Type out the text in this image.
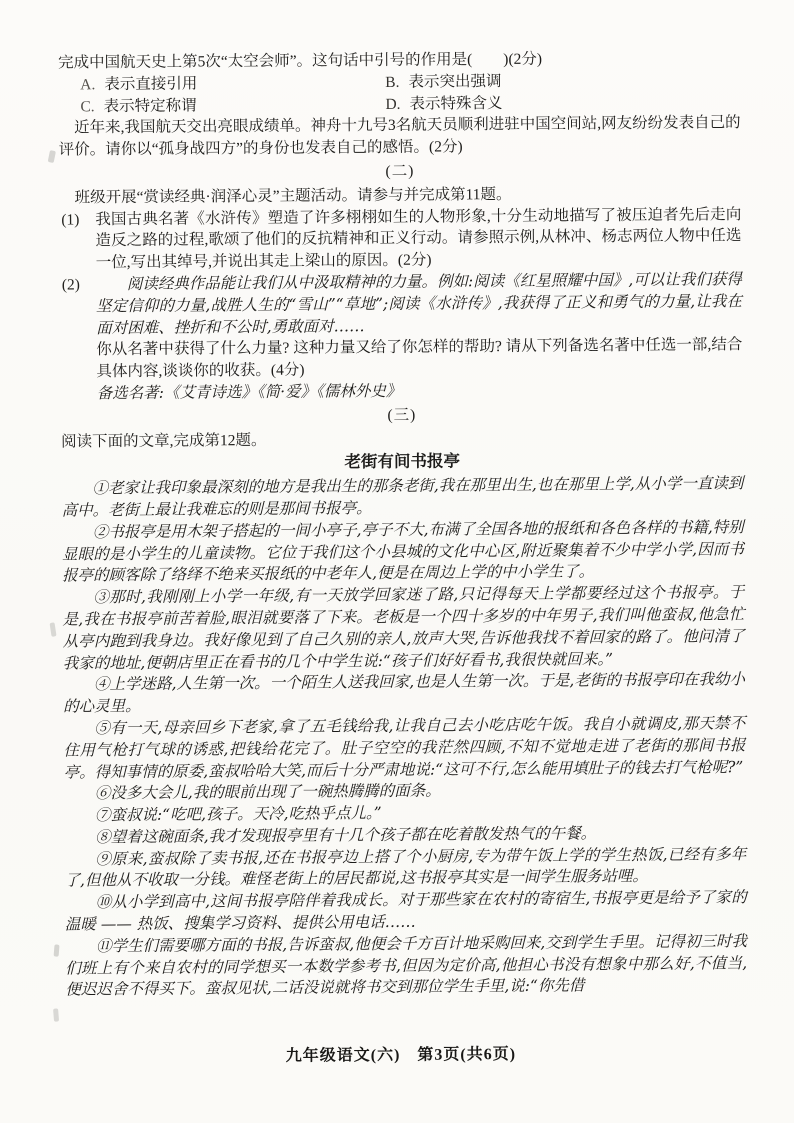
完成中国航天史上第5次“太空会师”。这句话中引号的作用是(　　)(2分)

A. 表示直接引用	B. 表示突出强调
C. 表示特定称谓	D. 表示特殊含义

近年来,我国航天交出亮眼成绩单。神舟十九号3名航天员顺利进驻中国空间站,网友纷纷发表自己的评价。请你以“孤身战四方”的身份也发表自己的感悟。(2分)

(二)

班级开展“赏读经典·润泽心灵”主题活动。请参与并完成第11题。

(1)	我国古典名著《水浒传》塑造了许多栩栩如生的人物形象,十分生动地描写了被压迫者先后走向造反之路的过程,歌颂了他们的反抗精神和正义行动。请参照示例,从林冲、杨志两位人物中任选一位,写出其绰号,并说出其走上梁山的原因。(2分)

(2)	阅读经典作品能让我们从中汲取精神的力量。例如:阅读《红星照耀中国》,可以让我们获得坚定信仰的力量,战胜人生的“雪山”“草地”;阅读《水浒传》,我获得了正义和勇气的力量,让我在面对困难、挫折和不公时,勇敢面对……

你从名著中获得了什么力量? 这种力量又给了你怎样的帮助? 请从下列备选名著中任选一部,结合具体内容,谈谈你的收获。(4分)

备选名著:《艾青诗选》《简·爱》《儒林外史》

(三)

阅读下面的文章,完成第12题。

老街有间书报亭

①老家让我印象最深刻的地方是我出生的那条老街,我在那里出生,也在那里上学,从小学一直读到高中。老街上最让我难忘的则是那间书报亭。

②书报亭是用木架子搭起的一间小亭子,亭子不大,布满了全国各地的报纸和各色各样的书籍,特别显眼的是小学生的儿童读物。它位于我们这个小县城的文化中心区,附近聚集着不少中学小学,因而书报亭的顾客除了络绎不绝来买报纸的中老年人,便是在周边上学的中小学生了。

③那时,我刚刚上小学一年级,有一天放学回家迷了路,只记得每天上学都要经过这个书报亭。于是,我在书报亭前苦着脸,眼泪就要落了下来。老板是一个四十多岁的中年男子,我们叫他蛮叔,他急忙从亭内跑到我身边。我好像见到了自己久别的亲人,放声大哭,告诉他我找不着回家的路了。他问清了我家的地址,便朝店里正在看书的几个中学生说:“孩子们好好看书,我很快就回来。”

④上学迷路,人生第一次。一个陌生人送我回家,也是人生第一次。于是,老街的书报亭印在我幼小的心灵里。

⑤有一天,母亲回乡下老家,拿了五毛钱给我,让我自己去小吃店吃午饭。我自小就调皮,那天禁不住用气枪打气球的诱惑,把钱给花完了。肚子空空的我茫然四顾,不知不觉地走进了老街的那间书报亭。得知事情的原委,蛮叔哈哈大笑,而后十分严肃地说:“这可不行,怎么能用填肚子的钱去打气枪呢?”

⑥没多大会儿,我的眼前出现了一碗热腾腾的面条。

⑦蛮叔说:“吃吧,孩子。天冷,吃热乎点儿。”

⑧望着这碗面条,我才发现报亭里有十几个孩子都在吃着散发热气的午餐。

⑨原来,蛮叔除了卖书报,还在书报亭边上搭了个小厨房,专为带午饭上学的学生热饭,已经有多年了,但他从不收取一分钱。难怪老街上的居民都说,这书报亭其实是一间学生服务站哩。

⑩从小学到高中,这间书报亭陪伴着我成长。对于那些家在农村的寄宿生,书报亭更是给予了家的温暖 —— 热饭、搜集学习资料、提供公用电话……

⑪学生们需要哪方面的书报,告诉蛮叔,他便会千方百计地采购回来,交到学生手里。记得初三时我们班上有个来自农村的同学想买一本数学参考书,但因为定价高,他担心书没有想象中那么好,不值当,便迟迟舍不得买下。蛮叔见状,二话没说就将书交到那位学生手里,说:“你先借

九年级语文(六)　第3页(共6页)
